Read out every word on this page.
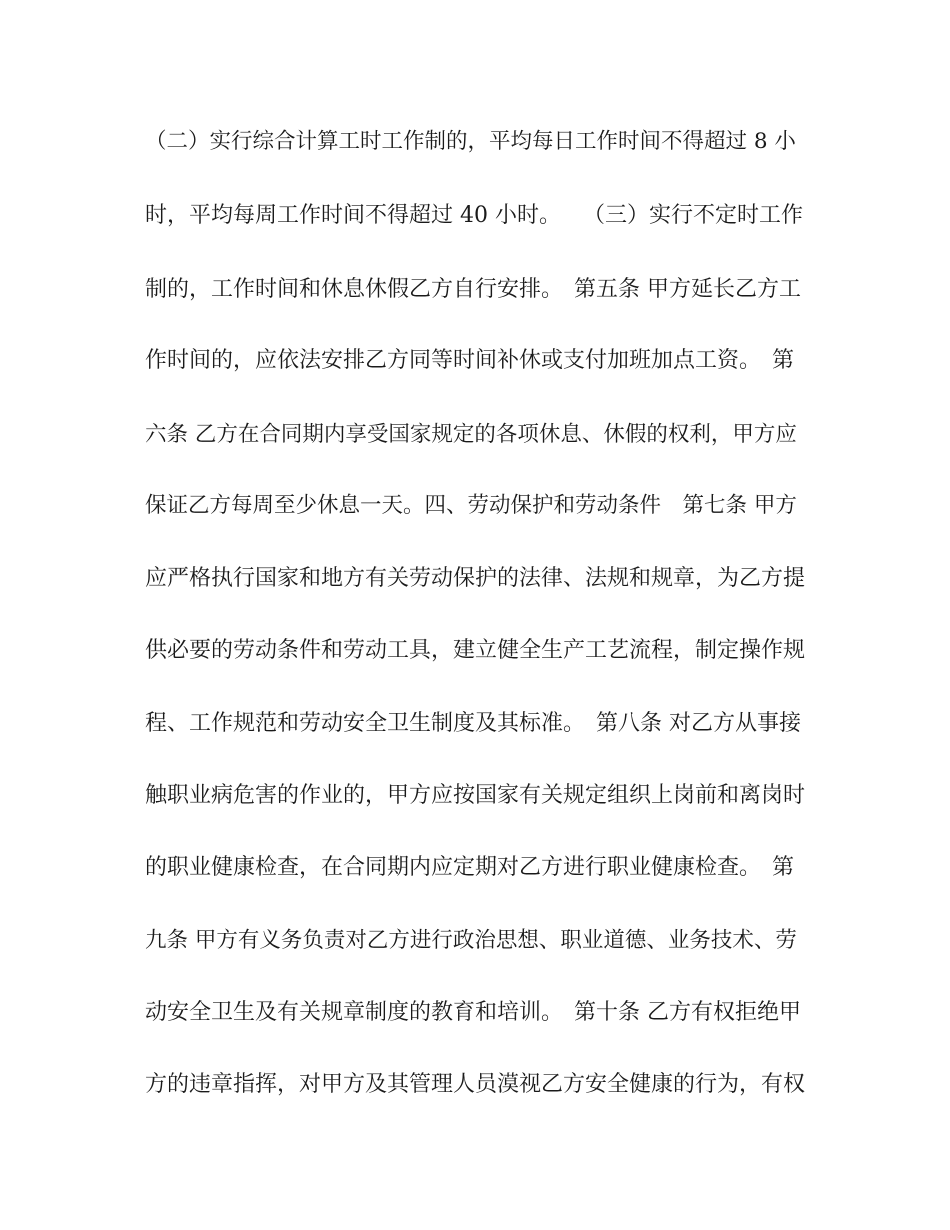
（二）实行综合计算工时工作制的，平均每日工作时间不得超过 8 小
时，平均每周工作时间不得超过 40 小时。　　（三）实行不定时工作
制的，工作时间和休息休假乙方自行安排。　第五条 甲方延长乙方工
作时间的，应依法安排乙方同等时间补休或支付加班加点工资。　第
六条 乙方在合同期内享受国家规定的各项休息、休假的权利，甲方应
保证乙方每周至少休息一天。四、劳动保护和劳动条件　第七条 甲方
应严格执行国家和地方有关劳动保护的法律、法规和规章，为乙方提
供必要的劳动条件和劳动工具，建立健全生产工艺流程，制定操作规
程、工作规范和劳动安全卫生制度及其标准。　第八条 对乙方从事接
触职业病危害的作业的，甲方应按国家有关规定组织上岗前和离岗时
的职业健康检查，在合同期内应定期对乙方进行职业健康检查。　第
九条 甲方有义务负责对乙方进行政治思想、职业道德、业务技术、劳
动安全卫生及有关规章制度的教育和培训。　第十条 乙方有权拒绝甲
方的违章指挥，对甲方及其管理人员漠视乙方安全健康的行为，有权
